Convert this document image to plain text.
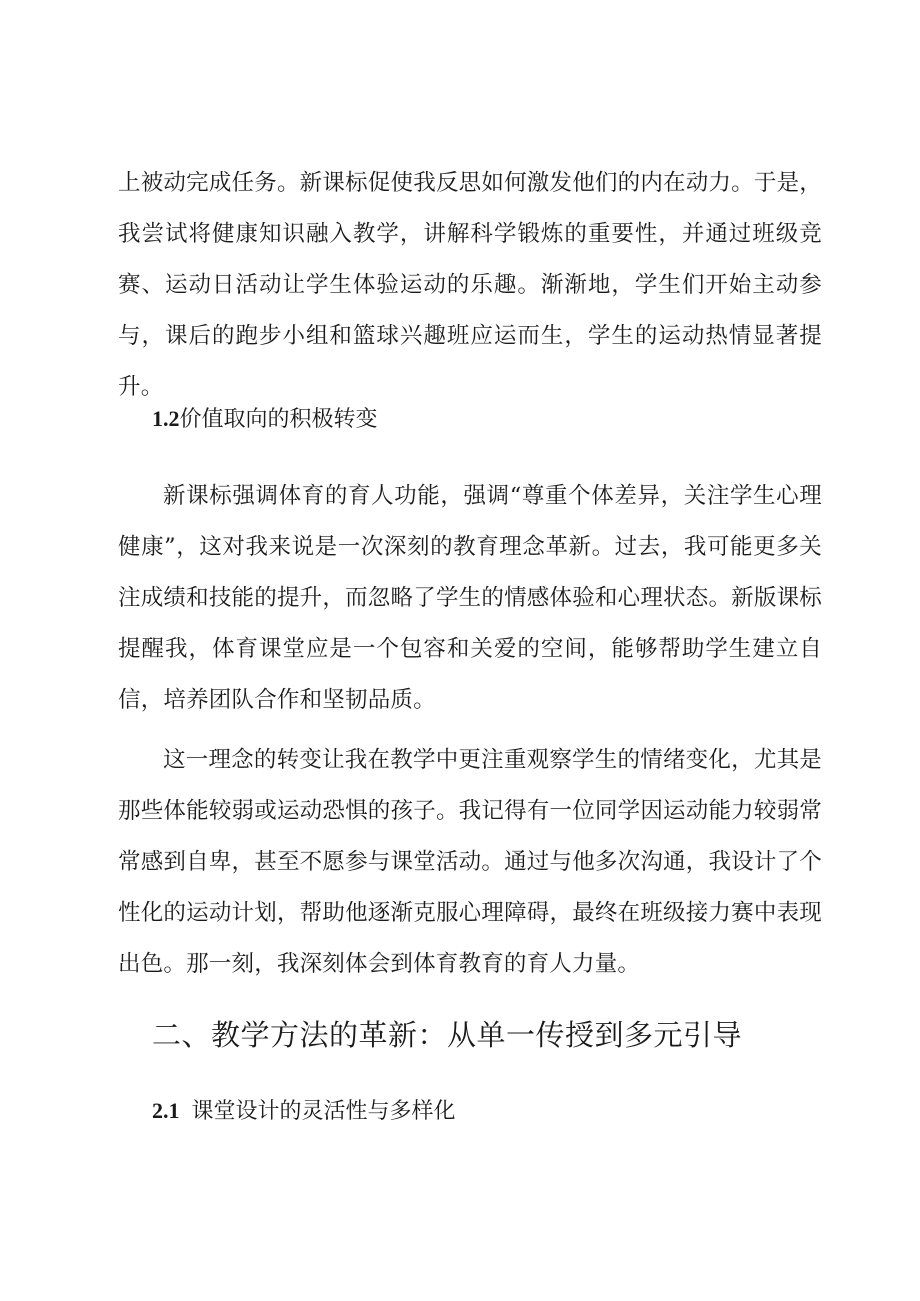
上被动完成任务。新课标促使我反思如何激发他们的内在动力。于是，我尝试将健康知识融入教学，讲解科学锻炼的重要性，并通过班级竞赛、运动日活动让学生体验运动的乐趣。渐渐地，学生们开始主动参与，课后的跑步小组和篮球兴趣班应运而生，学生的运动热情显著提升。

1.2价值取向的积极转变

新课标强调体育的育人功能，强调“尊重个体差异，关注学生心理健康”，这对我来说是一次深刻的教育理念革新。过去，我可能更多关注成绩和技能的提升，而忽略了学生的情感体验和心理状态。新版课标提醒我，体育课堂应是一个包容和关爱的空间，能够帮助学生建立自信，培养团队合作和坚韧品质。

这一理念的转变让我在教学中更注重观察学生的情绪变化，尤其是那些体能较弱或运动恐惧的孩子。我记得有一位同学因运动能力较弱常常感到自卑，甚至不愿参与课堂活动。通过与他多次沟通，我设计了个性化的运动计划，帮助他逐渐克服心理障碍，最终在班级接力赛中表现出色。那一刻，我深刻体会到体育教育的育人力量。

二、教学方法的革新：从单一传授到多元引导
2.1 课堂设计的灵活性与多样化
